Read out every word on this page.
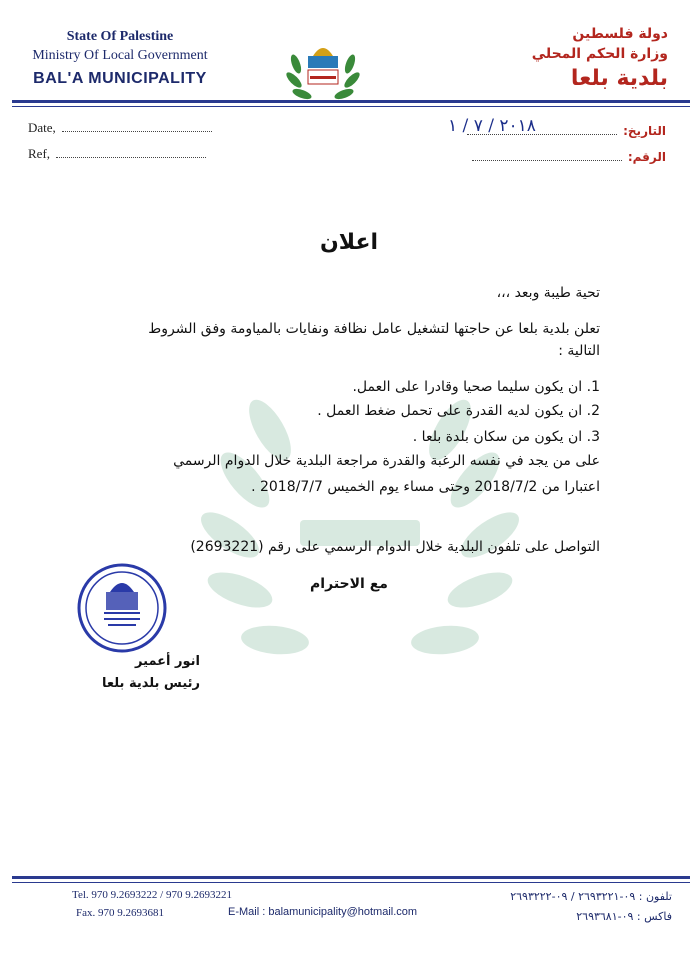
State Of Palestine
Ministry Of Local Government
BAL'A MUNICIPALITY
دولة فلسطين
وزارة الحكم المحلي
بلدية بلعا
Date,
Ref,
التاريخ:
الرقم:
٢٠١٨ / ٧ / ١
اعلان
تحية طيبة وبعد ،،،
تعلن بلدية بلعا عن حاجتها لتشغيل عامل نظافة ونفايات بالمياومة وفق الشروط
التالية :
1. ان يكون سليما صحيا وقادرا على العمل.
2. ان يكون لديه القدرة على تحمل ضغط العمل .
3. ان يكون من سكان بلدة بلعا .
على من يجد في نفسه الرغبة والقدرة مراجعة البلدية خلال الدوام الرسمي
اعتبارا من 2018/7/2 وحتى مساء يوم الخميس 2018/7/7 .
التواصل على تلفون البلدية خلال الدوام الرسمي على رقم (2693221)
مع الاحترام
انور أعمير
رئيس بلدية بلعا
Tel. 970 9.2693222 / 970 9.2693221
Fax. 970 9.2693681	E-Mail : balamunicipality@hotmail.com
تلفون : ٠٩-٢٦٩٣٢٢١ / ٠٩-٢٦٩٣٢٢٢
فاكس : ٠٩-٢٦٩٣٦٨١
